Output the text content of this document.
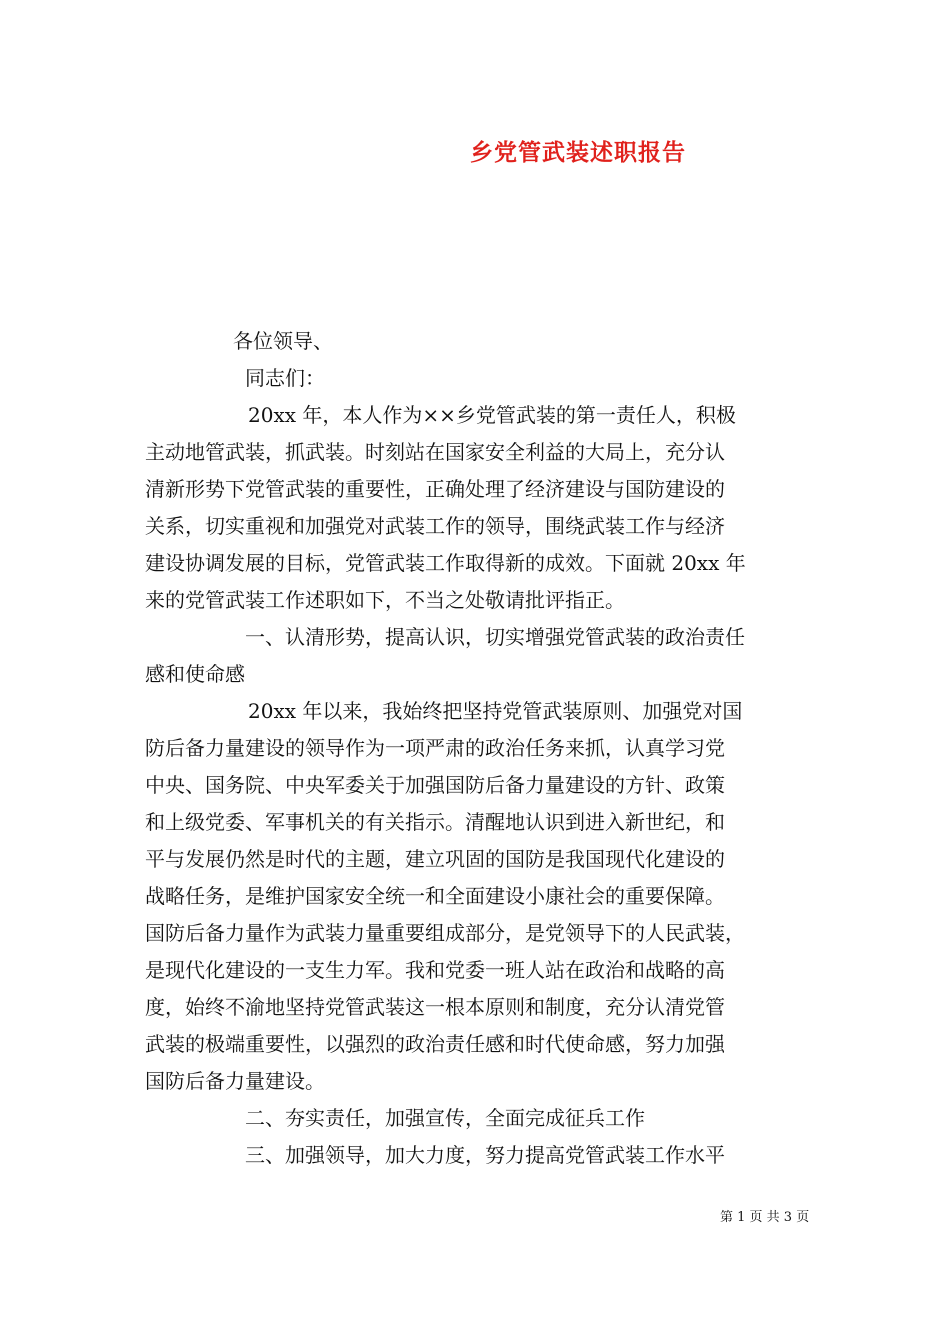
乡党管武装述职报告
各位领导、
同志们：
20xx 年，本人作为××乡党管武装的第一责任人，积极
主动地管武装，抓武装。时刻站在国家安全利益的大局上，充分认
清新形势下党管武装的重要性，正确处理了经济建设与国防建设的
关系，切实重视和加强党对武装工作的领导，围绕武装工作与经济
建设协调发展的目标，党管武装工作取得新的成效。下面就 20xx 年
来的党管武装工作述职如下，不当之处敬请批评指正。
一、认清形势，提高认识，切实增强党管武装的政治责任
感和使命感
20xx 年以来，我始终把坚持党管武装原则、加强党对国
防后备力量建设的领导作为一项严肃的政治任务来抓，认真学习党
中央、国务院、中央军委关于加强国防后备力量建设的方针、政策
和上级党委、军事机关的有关指示。清醒地认识到进入新世纪，和
平与发展仍然是时代的主题，建立巩固的国防是我国现代化建设的
战略任务，是维护国家安全统一和全面建设小康社会的重要保障。
国防后备力量作为武装力量重要组成部分，是党领导下的人民武装，
是现代化建设的一支生力军。我和党委一班人站在政治和战略的高
度，始终不渝地坚持党管武装这一根本原则和制度，充分认清党管
武装的极端重要性，以强烈的政治责任感和时代使命感，努力加强
国防后备力量建设。
二、夯实责任，加强宣传，全面完成征兵工作
三、加强领导，加大力度，努力提高党管武装工作水平
第 1 页 共 3 页
